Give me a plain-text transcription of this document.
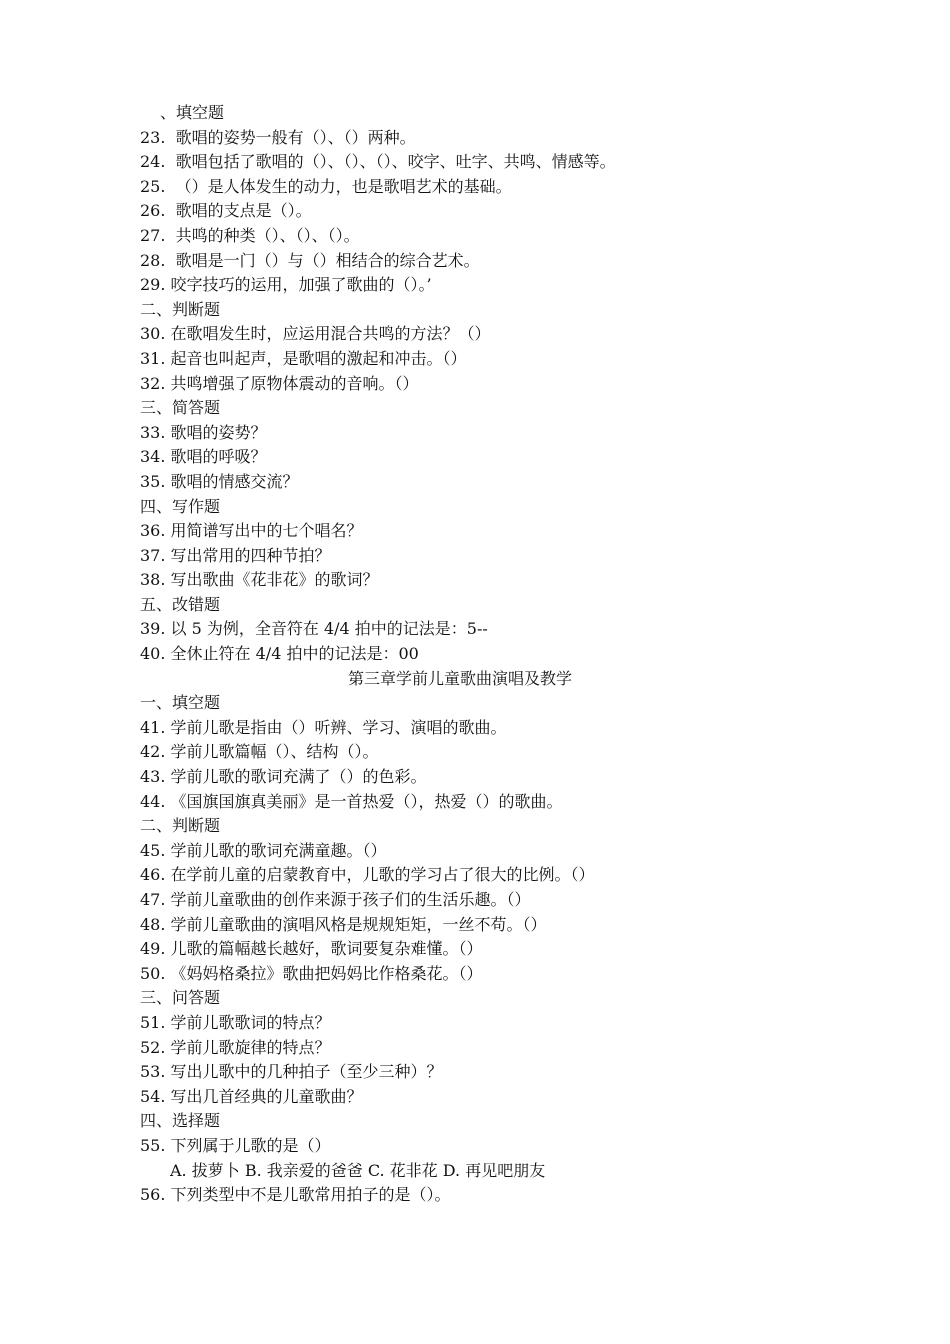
、填空题
23.  歌唱的姿势一般有（）、（）两种。
24.  歌唱包括了歌唱的（）、（）、（）、咬字、吐字、共鸣、情感等。
25.  （）是人体发生的动力，也是歌唱艺术的基础。
26.  歌唱的支点是（）。
27.  共鸣的种类（）、（）、（）。
28.  歌唱是一门（）与（）相结合的综合艺术。
29. 咬字技巧的运用，加强了歌曲的（）。’
二、判断题
30. 在歌唱发生时，应运用混合共鸣的方法？（）
31. 起音也叫起声，是歌唱的激起和冲击。（）
32. 共鸣增强了原物体震动的音响。（）
三、简答题
33. 歌唱的姿势？
34. 歌唱的呼吸？
35. 歌唱的情感交流？
四、写作题
36. 用简谱写出中的七个唱名？
37. 写出常用的四种节拍？
38. 写出歌曲《花非花》的歌词？
五、改错题
39. 以 5 为例，全音符在 4/4 拍中的记法是：5--
40. 全休止符在 4/4 拍中的记法是：00
第三章学前儿童歌曲演唱及教学
一、填空题
41. 学前儿歌是指由（）听辨、学习、演唱的歌曲。
42. 学前儿歌篇幅（）、结构（）。
43. 学前儿歌的歌词充满了（）的色彩。
44. 《国旗国旗真美丽》是一首热爱（），热爱（）的歌曲。
二、判断题
45. 学前儿歌的歌词充满童趣。（）
46. 在学前儿童的启蒙教育中，儿歌的学习占了很大的比例。（）
47. 学前儿童歌曲的创作来源于孩子们的生活乐趣。（）
48. 学前儿童歌曲的演唱风格是规规矩矩，一丝不苟。（）
49. 儿歌的篇幅越长越好，歌词要复杂难懂。（）
50. 《妈妈格桑拉》歌曲把妈妈比作格桑花。（）
三、问答题
51. 学前儿歌歌词的特点？
52. 学前儿歌旋律的特点？
53. 写出儿歌中的几种拍子（至少三种）？
54. 写出几首经典的儿童歌曲？
四、选择题
55. 下列属于儿歌的是（）
A. 拔萝卜 B. 我亲爱的爸爸 C. 花非花 D. 再见吧朋友
56. 下列类型中不是儿歌常用拍子的是（）。
